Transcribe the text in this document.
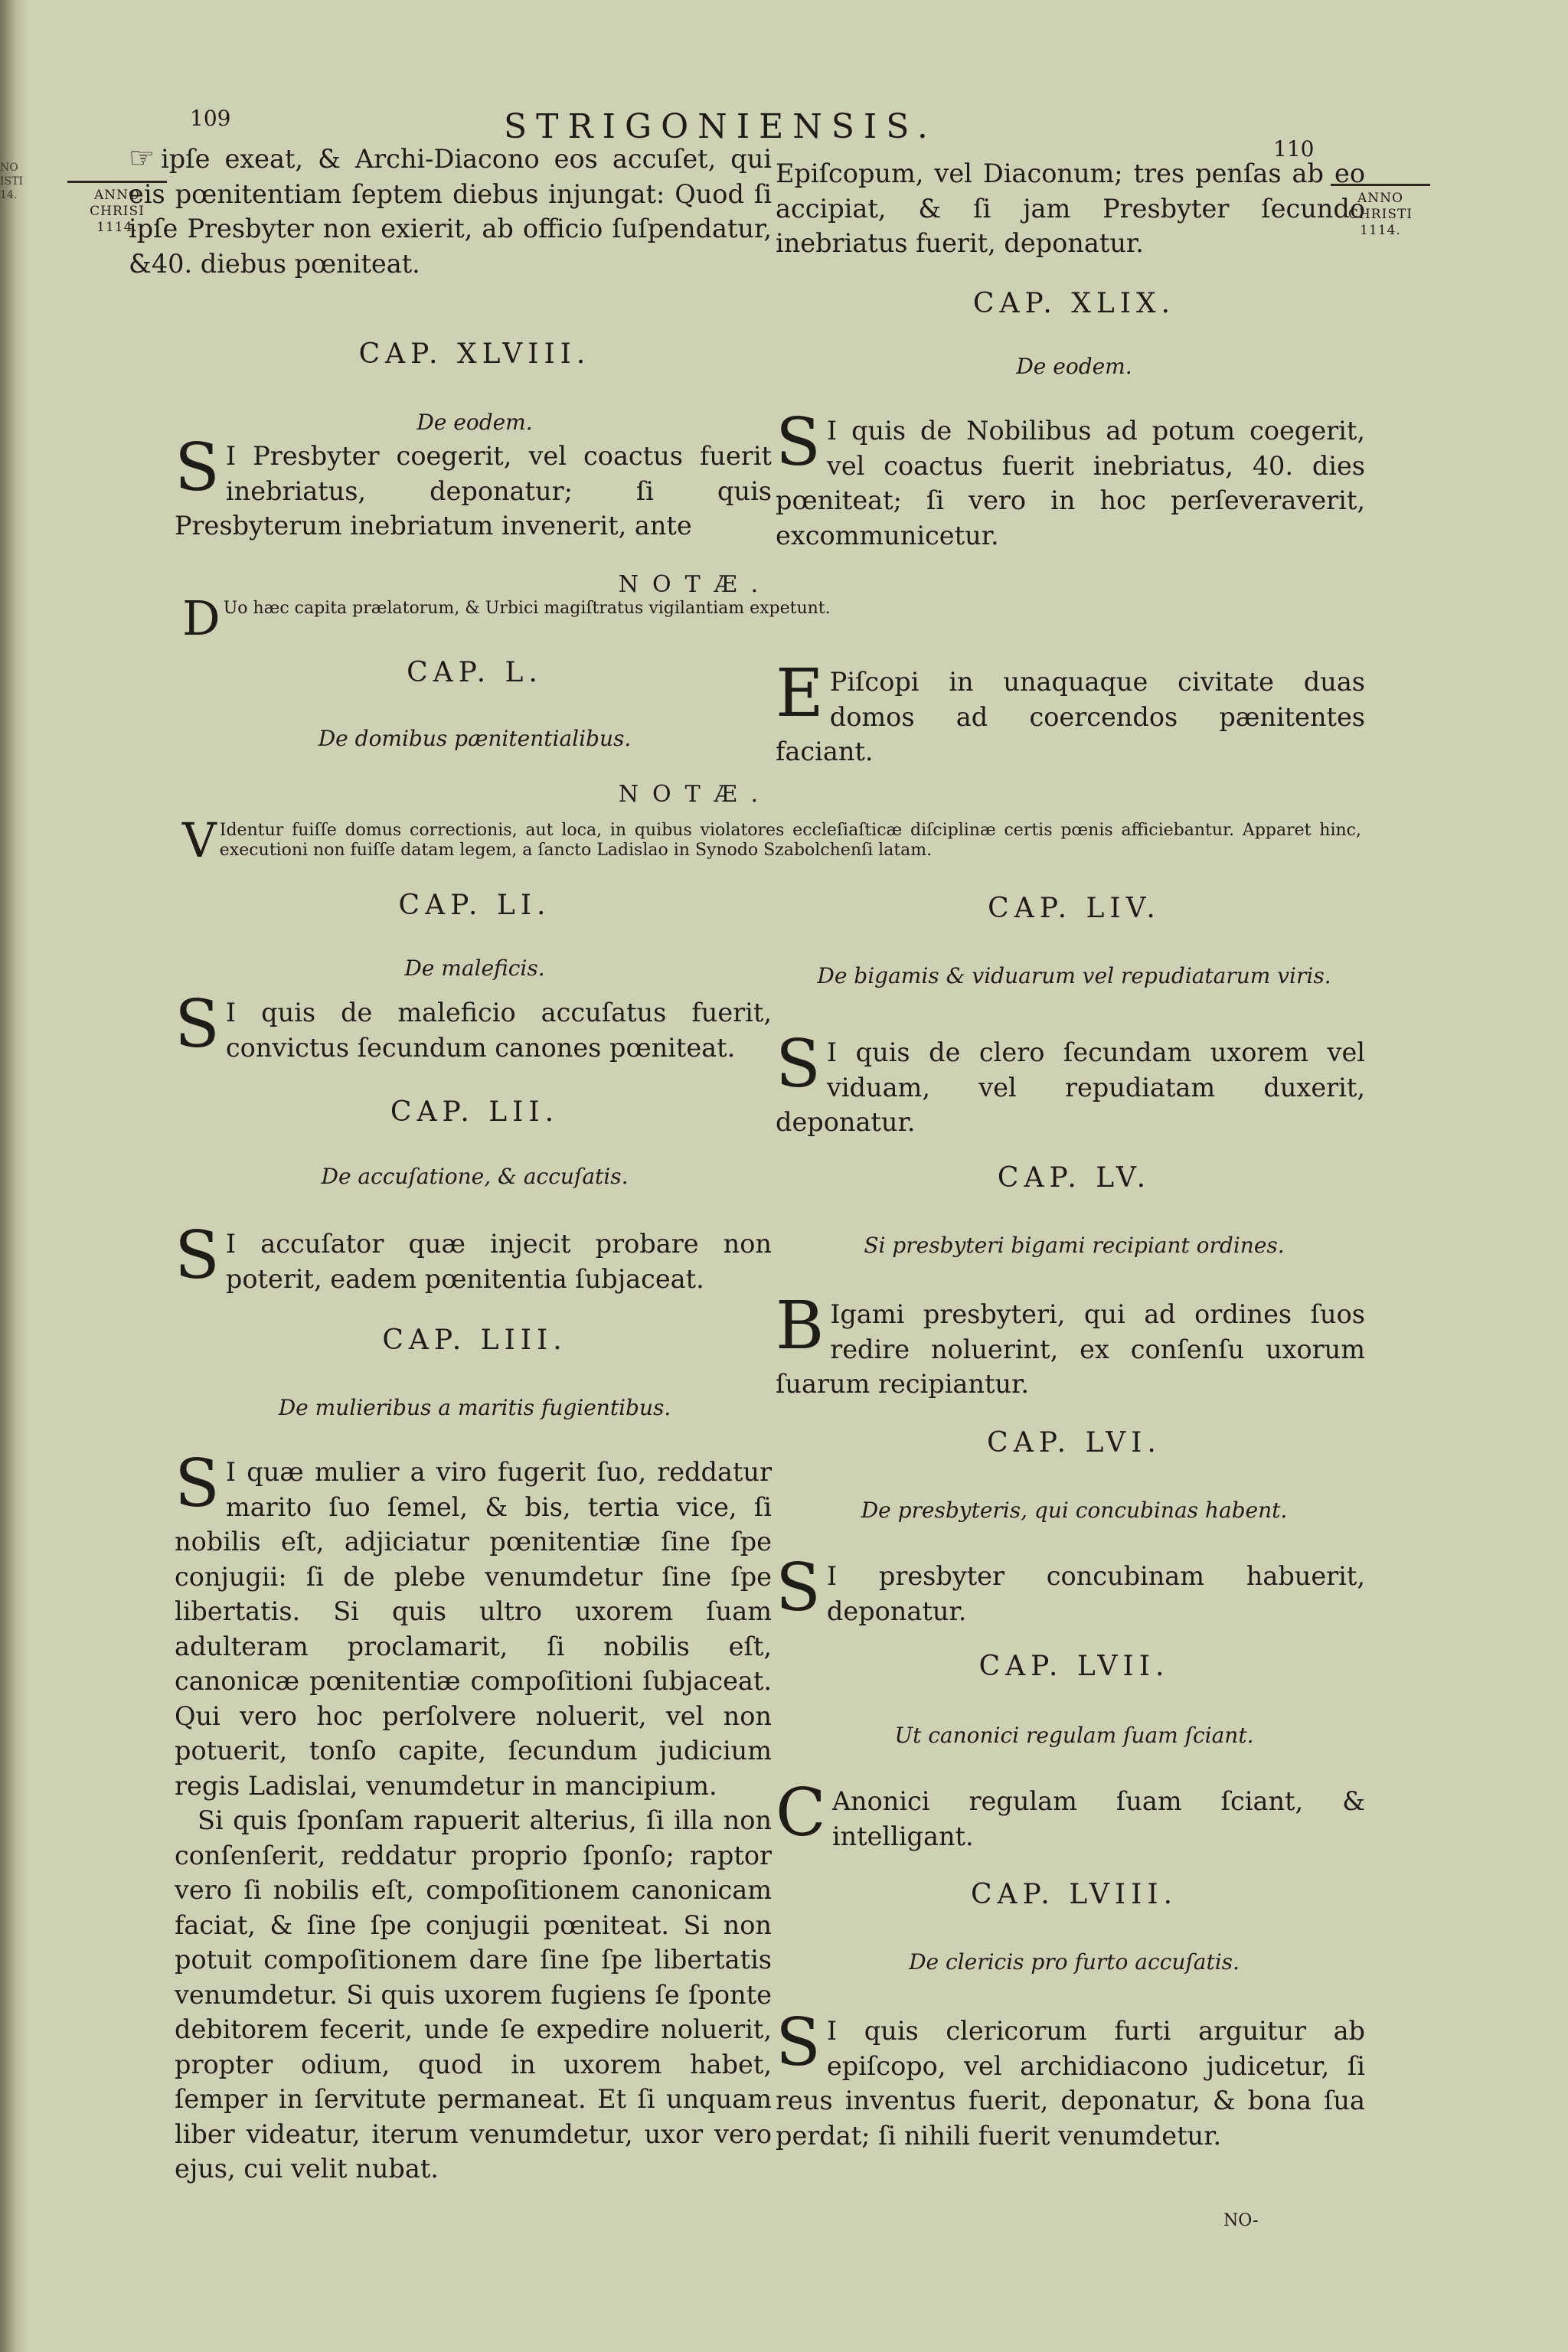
NO
ISTI
14.
109	STRIGONIENSIS.
110
ANNO
CHRISI
1114.
ANNO
CHRISTI
1114.
☞ ipſe exeat, & Archi-Diacono eos accuſet, qui eis pœnitentiam ſeptem diebus injungat: Quod ſi ipſe Presbyter non exierit, ab officio ſuſpendatur, &40. diebus pœniteat.
CAP. XLVIII.
De eodem.
S I Presbyter coegerit, vel coactus fuerit inebriatus, deponatur; ſi quis Presbyterum inebriatum invenerit, ante
Epiſcopum, vel Diaconum; tres penſas ab eo accipiat, & ſi jam Presbyter ſecundo inebriatus fuerit, deponatur.
CAP. XLIX.
De eodem.
S I quis de Nobilibus ad potum coegerit, vel coactus fuerit inebriatus, 40. dies pœniteat; ſi vero in hoc perſeveraverit, excommunicetur.
NOTÆ.
D Uo hæc capita prælatorum, & Urbici magiſtratus vigilantiam expetunt.
CAP. L.
De domibus pænitentialibus.
E Piſcopi in unaquaque civitate duas domos ad coercendos pænitentes faciant.
NOTÆ.
V Identur fuiſſe domus correctionis, aut loca, in quibus violatores eccleſiaſticæ diſciplinæ certis pœnis afficiebantur. Apparet hinc, executioni non fuiſſe datam legem, a ſancto Ladislao in Synodo Szabolchenſi latam.
CAP. LI.
De maleficis.
S I quis de maleficio accuſatus fuerit, convictus ſecundum canones pœniteat.
CAP. LII.
De accuſatione, & accuſatis.
S I accuſator quæ injecit probare non poterit, eadem pœnitentia ſubjaceat.
CAP. LIII.
De mulieribus a maritis fugientibus.

S I quæ mulier a viro fugerit ſuo, reddatur marito ſuo ſemel, & bis, tertia vice, ſi nobilis eſt, adjiciatur pœnitentiæ ſine ſpe conjugii: ſi de plebe venumdetur ſine ſpe libertatis. Si quis ultro uxorem ſuam adulteram proclamarit, ſi nobilis eſt, canonicæ pœnitentiæ compoſitioni ſubjaceat. Qui vero hoc perſolvere noluerit, vel non potuerit, tonſo capite, ſecundum judicium regis Ladislai, venumdetur in mancipium.

Si quis ſponſam rapuerit alterius, ſi illa non conſenſerit, reddatur proprio ſponſo; raptor vero ſi nobilis eſt, compoſitionem canonicam faciat, & ſine ſpe conjugii pœniteat. Si non potuit compoſitionem dare ſine ſpe libertatis venumdetur. Si quis uxorem fugiens ſe ſponte debitorem fecerit, unde ſe expedire noluerit, propter odium, quod in uxorem habet, ſemper in ſervitute permaneat. Et ſi unquam liber videatur, iterum venumdetur, uxor vero ejus, cui velit nubat.

CAP. LIV.
De bigamis & viduarum vel repudiatarum viris.
S I quis de clero ſecundam uxorem vel viduam, vel repudiatam duxerit, deponatur.
CAP. LV.
Si presbyteri bigami recipiant ordines.
B Igami presbyteri, qui ad ordines ſuos redire noluerint, ex conſenſu uxorum ſuarum recipiantur.
CAP. LVI.
De presbyteris, qui concubinas habent.
S I presbyter concubinam habuerit, deponatur.
CAP. LVII.
Ut canonici regulam ſuam ſciant.
C Anonici regulam ſuam ſciant, & intelligant.
CAP. LVIII.
De clericis pro furto accuſatis.
S I quis clericorum furti arguitur ab epiſcopo, vel archidiacono judicetur, ſi reus inventus fuerit, deponatur, & bona ſua perdat; ſi nihili fuerit venumdetur.
NO-
